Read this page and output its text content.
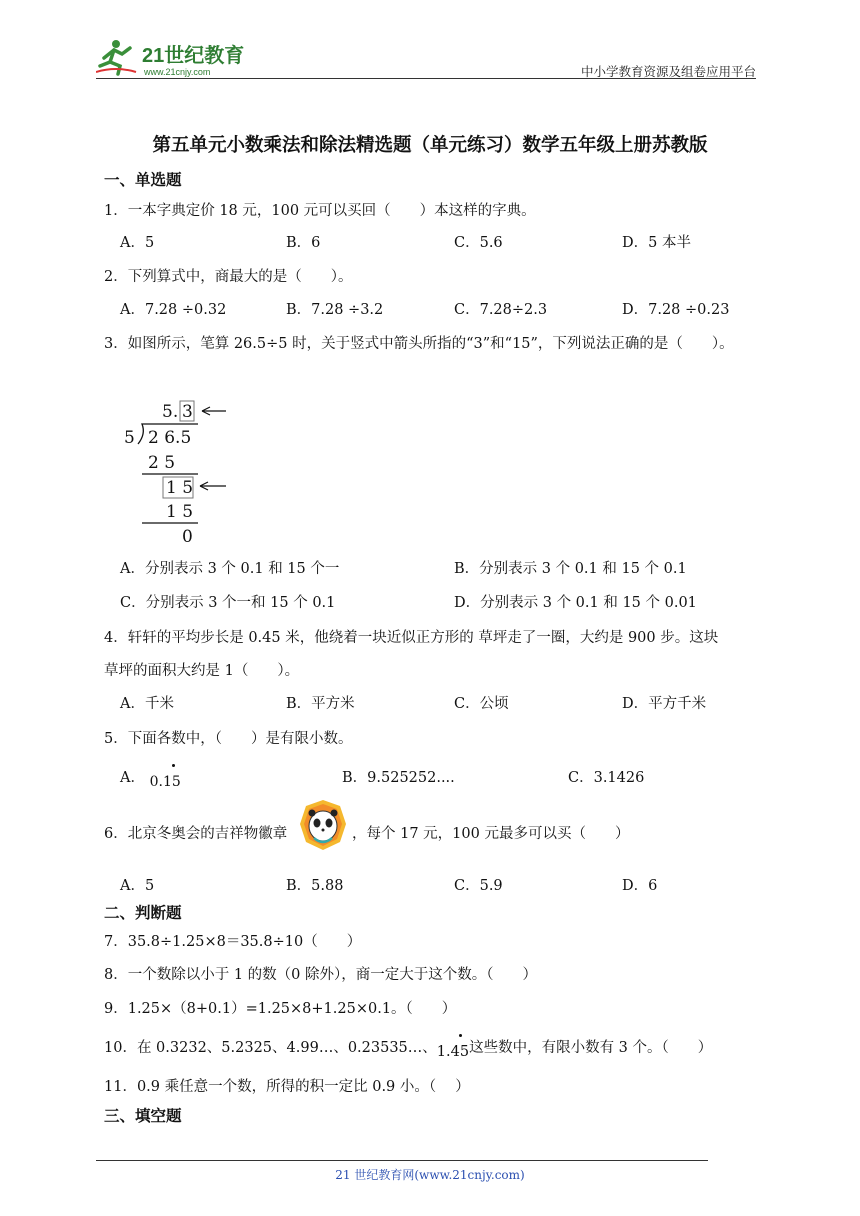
21世纪教育
www.21cnjy.com	中小学教育资源及组卷应用平台
第五单元小数乘法和除法精选题（单元练习）数学五年级上册苏教版
一、单选题
1．一本字典定价 18 元，100 元可以买回（　　）本这样的字典。
A．5	B．6	C．5.6	D．5 本半
2．下列算式中，商最大的是（　　）。
A．7.28 ÷0.32	B．7.28 ÷3.2	C．7.28÷2.3	D．7.28 ÷0.23
3．如图所示，笔算 26.5÷5 时，关于竖式中箭头所指的“3”和“15”，下列说法正确的是（　　）。
5. 3
5 2 6.5
2 5
1 5
1 5
0
A．分别表示 3 个 0.1 和 15 个一	B．分别表示 3 个 0.1 和 15 个 0.1
C．分别表示 3 个一和 15 个 0.1	D．分别表示 3 个 0.1 和 15 个 0.01
4．轩轩的平均步长是 0.45 米，他绕着一块近似正方形的 草坪走了一圈，大约是 900 步。这块
草坪的面积大约是 1（　　）。
A．千米	B．平方米	C．公顷	D．平方千米
5．下面各数中，（　　）是有限小数。
A． 0.15	B．9.525252....	C．3.1426
6．北京冬奥会的吉祥物徽章	，每个 17 元，100 元最多可以买（　　）
A．5	B．5.88	C．5.9	D．6
二、判断题
7．35.8÷1.25×8＝35.8÷10（　　）
8．一个数除以小于 1 的数（0 除外），商一定大于这个数。（　　）
9．1.25×（8+0.1）=1.25×8+1.25×0.1。（　　）
10．在 0.3232、5.2325、4.99…、0.23535…、1.45
这些数中，有限小数有 3 个。（　　）
11．0.9 乘任意一个数，所得的积一定比 0.9 小。（　 ）
三、填空题
21 世纪教育网(www.21cnjy.com)
